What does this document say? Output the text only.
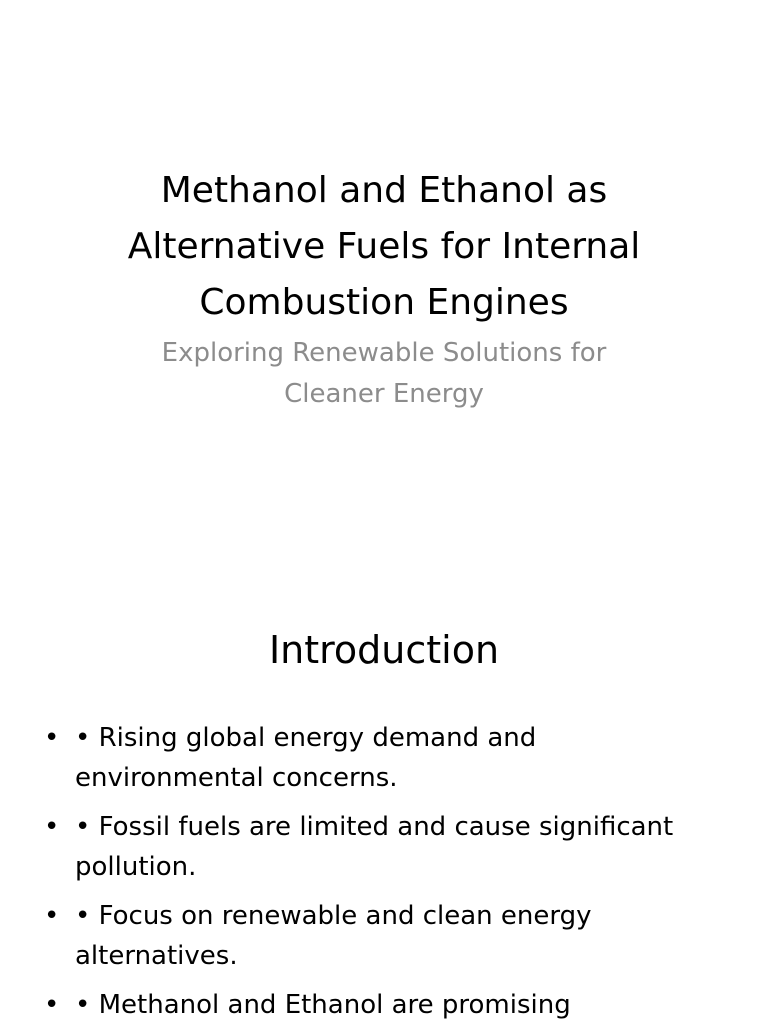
Methanol and Ethanol as Alternative Fuels for Internal Combustion Engines
Exploring Renewable Solutions for Cleaner Energy
Introduction
• • Rising global energy demand and environmental concerns.
• • Fossil fuels are limited and cause significant pollution.
• • Focus on renewable and clean energy alternatives.
• • Methanol and Ethanol are promising
